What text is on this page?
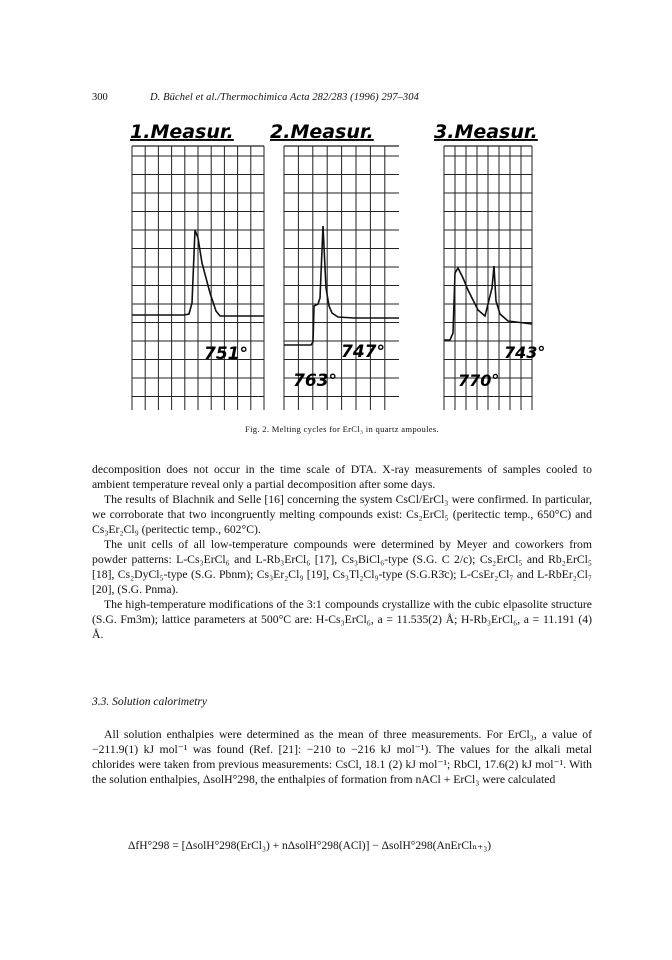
300	D. Büchel et al./Thermochimica Acta 282/283 (1996) 297–304
1.Measur. 2.Measur.	3.Measur.
751°	747°
763°
743°
770°
Fig. 2. Melting cycles for ErCl₃ in quartz ampoules.

decomposition does not occur in the time scale of DTA. X-ray measurements of samples cooled to ambient temperature reveal only a partial decomposition after some days.

The results of Blachnik and Selle [16] concerning the system CsCl/ErCl₃ were confirmed. In particular, we corroborate that two incongruently melting compounds exist: Cs₂ErCl₅ (peritectic temp., 650°C) and Cs₃Er₂Cl₉ (peritectic temp., 602°C).

The unit cells of all low-temperature compounds were determined by Meyer and coworkers from powder patterns: L-Cs₃ErCl₆ and L-Rb₃ErCl₆ [17], Cs₃BiCl₆-type (S.G. C 2/c); Cs₂ErCl₅ and Rb₂ErCl₅ [18], Cs₂DyCl₅-type (S.G. Pbnm); Cs₃Er₂Cl₉ [19], Cs₃Tl₂Cl₉-type (S.G.R3̄c); L-CsEr₂Cl₇ and L-RbEr₂Cl₇ [20], (S.G. Pnma).

The high-temperature modifications of the 3:1 compounds crystallize with the cubic elpasolite structure (S.G. Fm3m); lattice parameters at 500°C are: H-Cs₃ErCl₆, a = 11.535(2) Å; H-Rb₃ErCl₆, a = 11.191 (4) Å.

3.3. Solution calorimetry

All solution enthalpies were determined as the mean of three measurements. For ErCl₃, a value of −211.9(1) kJ mol⁻¹ was found (Ref. [21]: −210 to −216 kJ mol⁻¹). The values for the alkali metal chlorides were taken from previous measurements: CsCl, 18.1 (2) kJ mol⁻¹; RbCl, 17.6(2) kJ mol⁻¹. With the solution enthalpies, ΔsolH°298, the enthalpies of formation from nACl + ErCl₃ were calculated

ΔfH°298 = [ΔsolH°298(ErCl₃) + nΔsolH°298(ACl)] − ΔsolH°298(AnErClₙ₊₃)
